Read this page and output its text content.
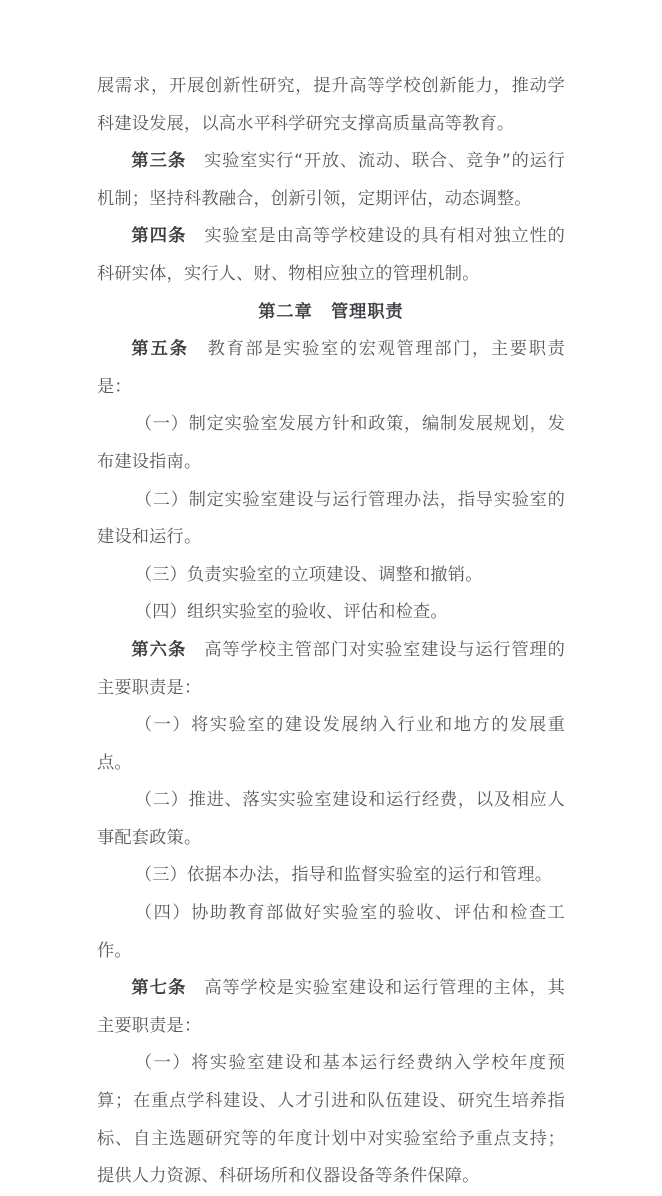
展需求，开展创新性研究，提升高等学校创新能力，推动学科建设发展，以高水平科学研究支撑高质量高等教育。

第三条 实验室实行“开放、流动、联合、竞争”的运行机制；坚持科教融合，创新引领，定期评估，动态调整。

第四条 实验室是由高等学校建设的具有相对独立性的科研实体，实行人、财、物相应独立的管理机制。

第二章　管理职责

第五条 教育部是实验室的宏观管理部门，主要职责是：

（一）制定实验室发展方针和政策，编制发展规划，发布建设指南。

（二）制定实验室建设与运行管理办法，指导实验室的建设和运行。

（三）负责实验室的立项建设、调整和撤销。

（四）组织实验室的验收、评估和检查。

第六条 高等学校主管部门对实验室建设与运行管理的主要职责是：

（一）将实验室的建设发展纳入行业和地方的发展重点。

（二）推进、落实实验室建设和运行经费，以及相应人事配套政策。

（三）依据本办法，指导和监督实验室的运行和管理。

（四）协助教育部做好实验室的验收、评估和检查工作。

第七条 高等学校是实验室建设和运行管理的主体，其主要职责是：

（一）将实验室建设和基本运行经费纳入学校年度预算；在重点学科建设、人才引进和队伍建设、研究生培养指标、自主选题研究等的年度计划中对实验室给予重点支持；提供人力资源、科研场所和仪器设备等条件保障。
